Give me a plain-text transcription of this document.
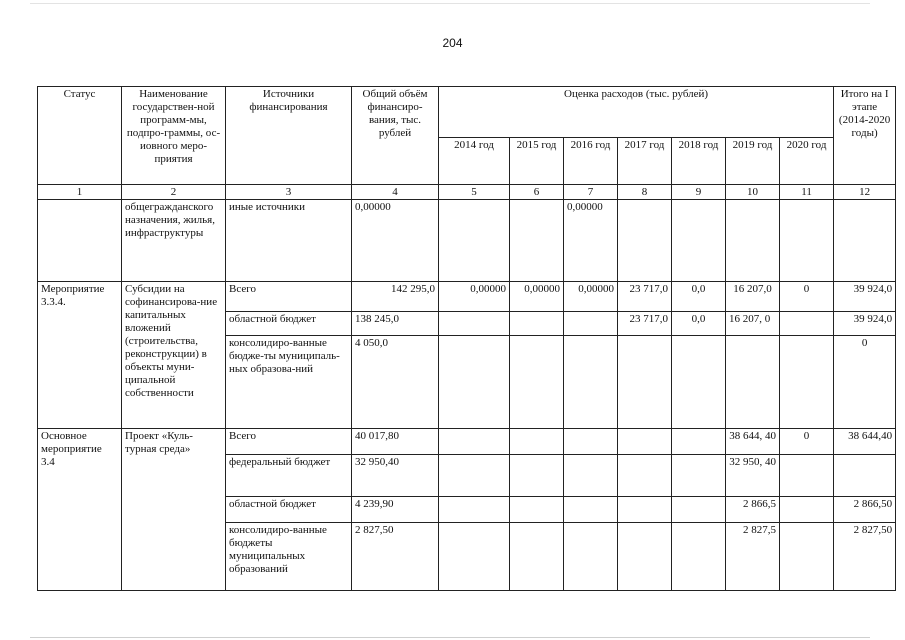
204
Статус	Наименование государствен-ной программ-мы, подпро-граммы, ос-иовного меро-приятия	Источники финансирования	Общий объём финансиро-вания, тыс. рублей	Оценка расходов (тыс. рублей)							Итого на I этапе (2014-2020 годы)
				2014 год	2015 год	2016 год	2017 год	2018 год	2019 год	2020 год	
1	2	3	4	5	6	7	8	9	10	11	12
	общегражданского назначения, жилья, инфраструктуры	иные источники	0,00000			0,00000					
Мероприятие 3.3.4.	Субсидии на софинансирова-ние капитальных вложений (строительства, реконструкции) в объекты муни-ципальной собственности	Всего	142 295,0	0,00000	0,00000	0,00000	23 717,0	0,0	16 207,0	0	39 924,0
		областной бюджет	138 245,0				23 717,0	0,0	16 207, 0		39 924,0
		консолидиро-ванные бюдже-ты муниципаль-ных образова-ний	4 050,0								0
Основное мероприятие 3.4	Проект «Куль-турная среда»	Всего	40 017,80						38 644, 40	0	38 644,40
		федеральный бюджет	32 950,40						32 950, 40		
		областной бюджет	4 239,90						2 866,5		2 866,50
		консолидиро-ванные бюджеты муниципальных образований	2 827,50						2 827,5		2 827,50
